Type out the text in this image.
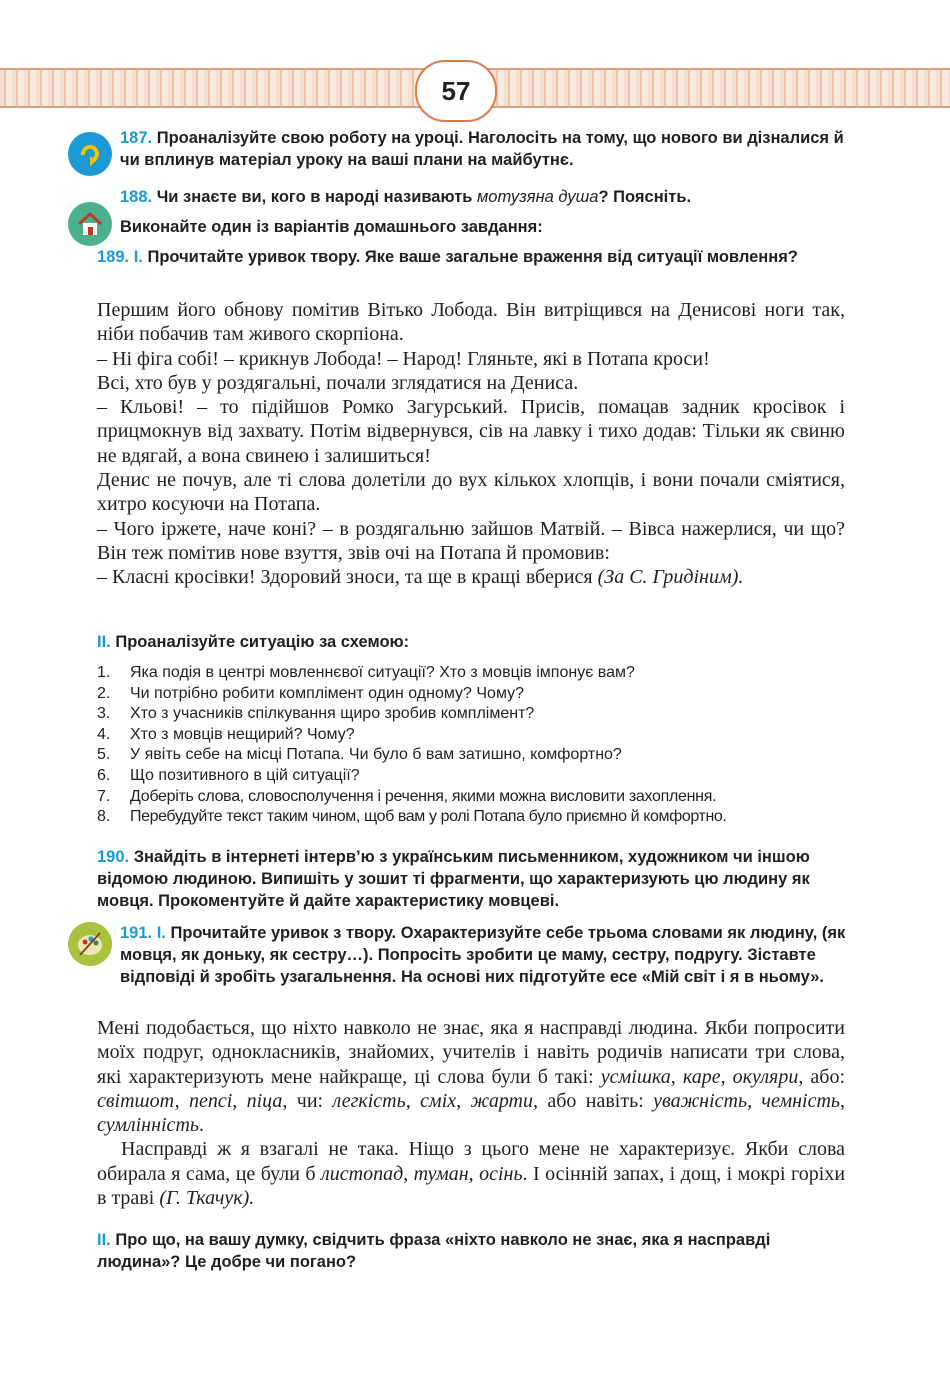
57
187. Проаналізуйте свою роботу на уроці. Наголосіть на тому, що нового ви дізналися й чи вплинув матеріал уроку на ваші плани на майбутнє.
188. Чи знаєте ви, кого в народі називають мотузяна душа? Поясніть.
Виконайте один із варіантів домашнього завдання:
189. I. Прочитайте уривок твору. Яке ваше загальне враження від ситуації мовлення?

Першим його обнову помітив Вітько Лобода. Він витріщився на Денисові ноги так, ніби побачив там живого скорпіона.

– Ні фіга собі! – крикнув Лобода! – Народ! Гляньте, які в Потапа кроси!

Всі, хто був у роздягальні, почали зглядатися на Дениса.

– Кльові! – то підійшов Ромко Загурський. Присів, помацав задник кросівок і прицмокнув від захвату. Потім відвернувся, сів на лавку і тихо додав: Тільки як свиню не вдягай, а вона свинею і залишиться!

Денис не почув, але ті слова долетіли до вух кількох хлопців, і вони почали сміятися, хитро косуючи на Потапа.

– Чого іржете, наче коні? – в роздягальню зайшов Матвій. – Вівса нажерлися, чи що? Він теж помітив нове взуття, звів очі на Потапа й промовив:

– Класні кросівки! Здоровий зноси, та ще в кращі вберися (За С. Гридіним).

II. Проаналізуйте ситуацію за схемою:
1.	Яка подія в центрі мовленнєвої ситуації? Хто з мовців імпонує вам?
2.	Чи потрібно робити комплімент один одному? Чому?
3.	Хто з учасників спілкування щиро зробив комплімент?
4.	Хто з мовців нещирий? Чому?
5.	У явіть себе на місці Потапа. Чи було б вам затишно, комфортно?
6.	Що позитивного в цій ситуації?
7.	Доберіть слова, словосполучення і речення, якими можна висловити захоплення.
8.	Перебудуйте текст таким чином, щоб вам у ролі Потапа було приємно й комфортно.
190. Знайдіть в інтернеті інтерв’ю з українським письменником, художником чи іншою відомою людиною. Випишіть у зошит ті фрагменти, що характеризують цю людину як мовця. Прокоментуйте й дайте характеристику мовцеві.
191. I. Прочитайте уривок з твору. Охарактеризуйте себе трьома словами як людину, (як мовця, як доньку, як сестру…). Попросіть зробити це маму, сестру, подругу. Зіставте відповіді й зробіть узагальнення. На основі них підготуйте есе «Мій світ і я в ньому».

Мені подобається, що ніхто навколо не знає, яка я насправді людина. Якби попросити моїх подруг, однокласників, знайомих, учителів і навіть родичів написати три слова, які характеризують мене найкраще, ці слова були б такі: усмішка, каре, окуляри, або: світшот, пепсі, піца, чи: легкість, сміх, жарти, або навіть: уважність, чемність, сумлінність.

Насправді ж я взагалі не така. Ніщо з цього мене не характеризує. Якби слова обирала я сама, це були б листопад, туман, осінь. І осінній запах, і дощ, і мокрі горіхи в траві (Г. Ткачук).

II. Про що, на вашу думку, свідчить фраза «ніхто навколо не знає, яка я насправді людина»? Це добре чи погано?
